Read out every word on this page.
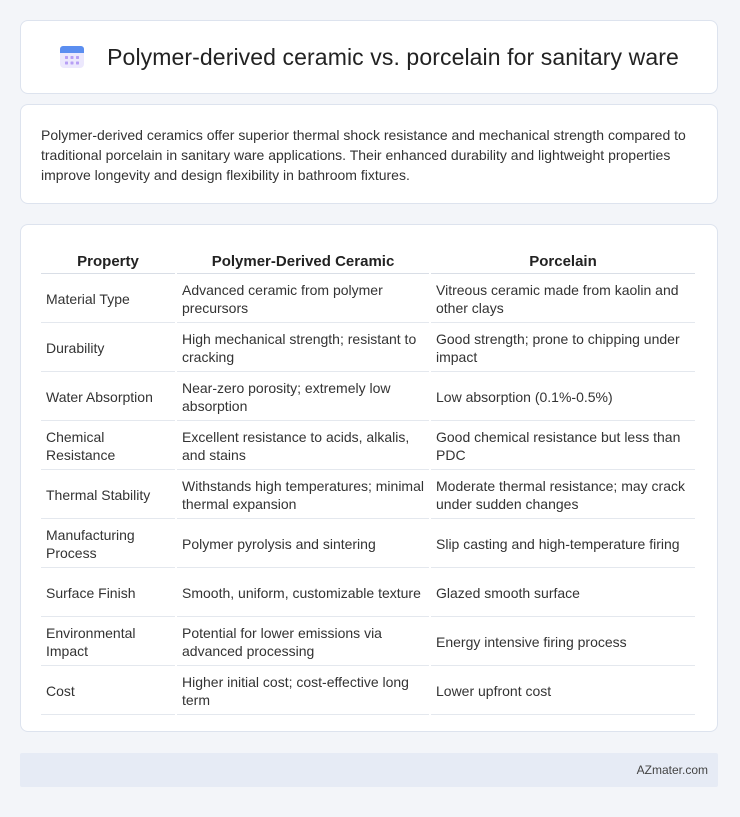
Polymer-derived ceramic vs. porcelain for sanitary ware

Polymer-derived ceramics offer superior thermal shock resistance and mechanical strength compared to traditional porcelain in sanitary ware applications. Their enhanced durability and lightweight properties improve longevity and design flexibility in bathroom fixtures.

Property	Polymer-Derived Ceramic	Porcelain
Material Type	Advanced ceramic from polymer precursors	Vitreous ceramic made from kaolin and other clays
Durability	High mechanical strength; resistant to cracking	Good strength; prone to chipping under impact
Water Absorption	Near-zero porosity; extremely low absorption	Low absorption (0.1%-0.5%)
Chemical Resistance	Excellent resistance to acids, alkalis, and stains	Good chemical resistance but less than PDC
Thermal Stability	Withstands high temperatures; minimal thermal expansion	Moderate thermal resistance; may crack under sudden changes
Manufacturing Process	Polymer pyrolysis and sintering	Slip casting and high-temperature firing
Surface Finish	Smooth, uniform, customizable texture	Glazed smooth surface
Environmental Impact	Potential for lower emissions via advanced processing	Energy intensive firing process
Cost	Higher initial cost; cost-effective long term	Lower upfront cost
AZmater.com
